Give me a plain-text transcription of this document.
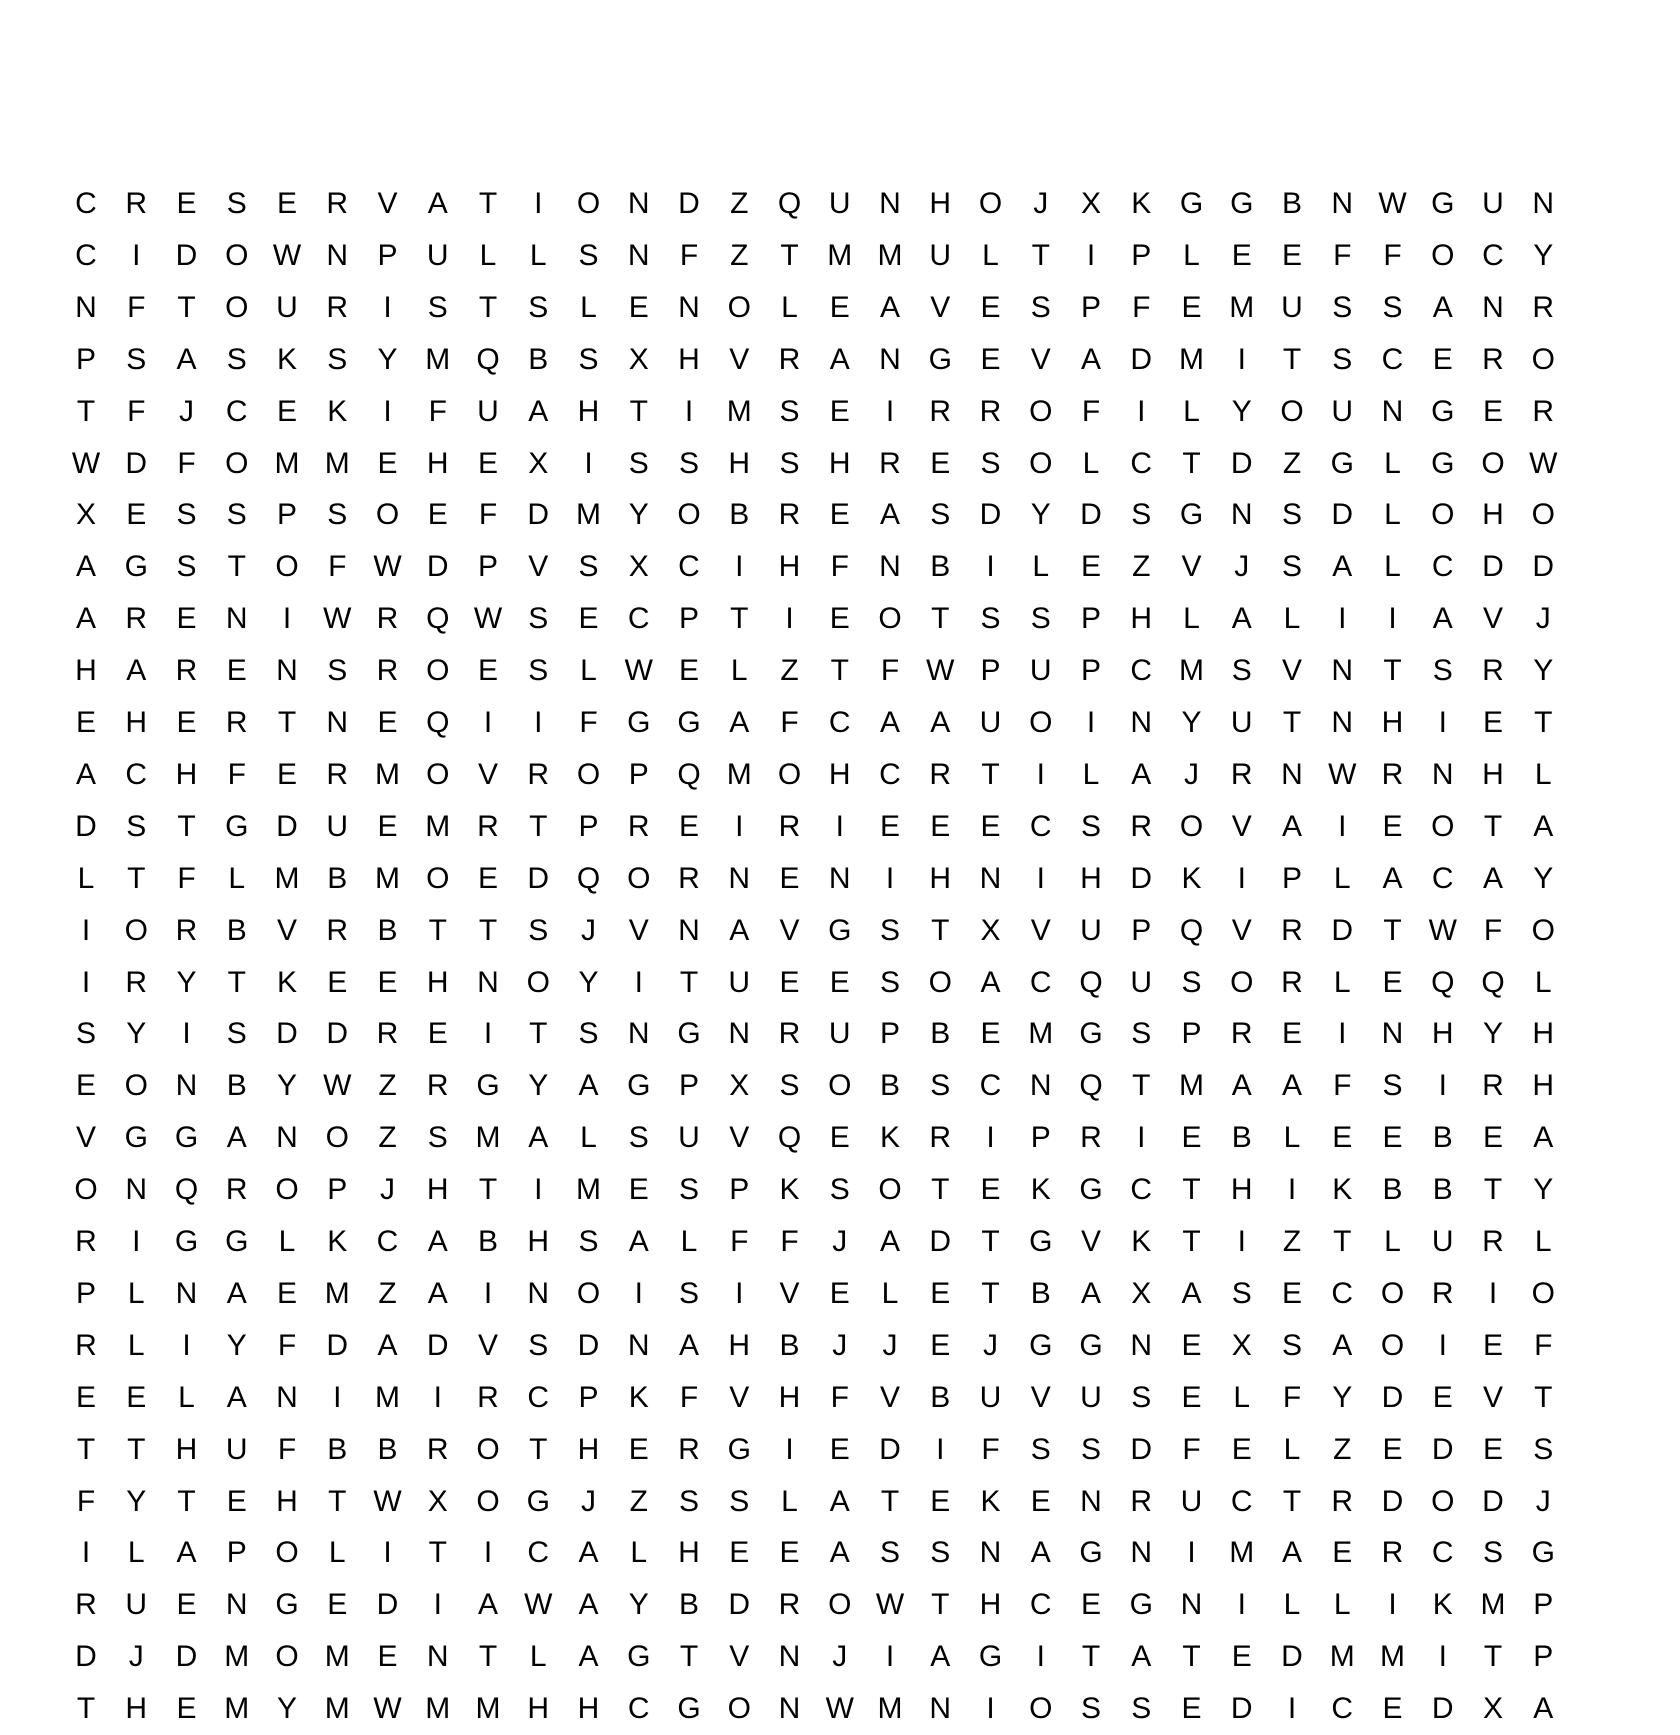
C R E	S	E R V	A	T	I	O N D	Z Q U N H O	J	X	K G G B N W G U N
C	I	D O W N P U	L	L	S N	F	Z	T M M U	L	T	I	P	L	E	E	F	F O C Y
N	F	T O U R	I	S	T	S	L	E N O	L	E	A	V	E	S	P	F	E M U S	S	A N R
P	S	A	S	K	S	Y M Q B	S	X H V R A N G E	V	A D M	I	T	S C E R O
T	F	J	C E	K	I	F	U A H	T	I	M S	E	I	R R O F	I	L	Y O U N G E R
W D	F O M M E H E	X	I	S	S H S H R E	S O	L	C	T	D	Z G	L	G O W
X	E	S	S	P	S O E	F	D M Y O B R E	A	S D Y D S G N S D	L	O H O
A G S	T O F W D P	V	S	X C	I	H	F	N B	I	L	E	Z	V	J	S	A	L	C D D
A R E N	I	W R Q W S	E C P	T	I	E O T	S	S	P H	L	A	L	I	I	A	V	J
H A R E N S R O E	S	L W E	L	Z	T	F W P U P C M S	V N	T	S R Y
E H E R	T	N E Q	I	I	F G G A	F	C A	A U O	I	N Y U	T	N H	I	E	T
A C H	F	E R M O V R O P Q M O H C R	T	I	L	A	J	R N W R N H	L
D S	T G D U E M R	T	P R E	I	R	I	E	E	E C S R O V	A	I	E O T	A
L	T	F	L M B M O E D Q O R N E N	I	H N	I	H D K	I	P	L	A C A	Y
I	O R B	V R B	T	T	S	J	V N A	V G S	T	X	V U P Q V R D	T W F O
I	R Y	T	K	E	E H N O Y	I	T	U E	E	S O A C Q U S O R	L	E Q Q	L
S	Y	I	S D D R E	I	T	S N G N R U P	B	E M G S	P R E	I	N H Y H
E O N B	Y W Z	R G Y	A G P	X	S O B	S C N Q T M A	A	F	S	I	R H
V G G A N O Z	S M A	L	S U V Q E	K R	I	P R	I	E	B	L	E	E	B	E	A
O N Q R O P	J	H	T	I	M E	S	P	K	S O T	E	K G C	T	H	I	K	B	B	T	Y
R	I	G G	L	K C A	B H S	A	L	F	F	J	A D	T G V	K	T	I	Z	T	L	U R	L
P	L	N A	E M Z	A	I	N O	I	S	I	V	E	L	E	T	B	A	X	A	S	E C O R	I	O
R	L	I	Y	F	D A D V	S D N A H B	J	J	E	J	G G N E	X	S	A O	I	E	F
E	E	L	A N	I	M	I	R C P	K	F	V H	F	V	B U V U S	E	L	F	Y D E	V	T
T	T	H U	F	B	B R O T	H E R G	I	E D	I	F	S	S D	F	E	L	Z	E D E	S
F	Y	T	E H	T W X O G	J	Z	S	S	L	A	T	E	K	E N R U C	T	R D O D	J
I	L	A	P O	L	I	T	I	C A	L	H E	E	A	S	S N A G N	I	M A	E R C S G
R U E N G E D	I	A W A	Y	B D R O W T	H C E G N	I	L	L	I	K M P
D	J	D M O M E N	T	L	A G T	V N	J	I	A G	I	T	A	T	E D M M	I	T	P
T	H E M Y M W M M H H C G O N W M N	I	O S	S	E D	I	C E D X	A
